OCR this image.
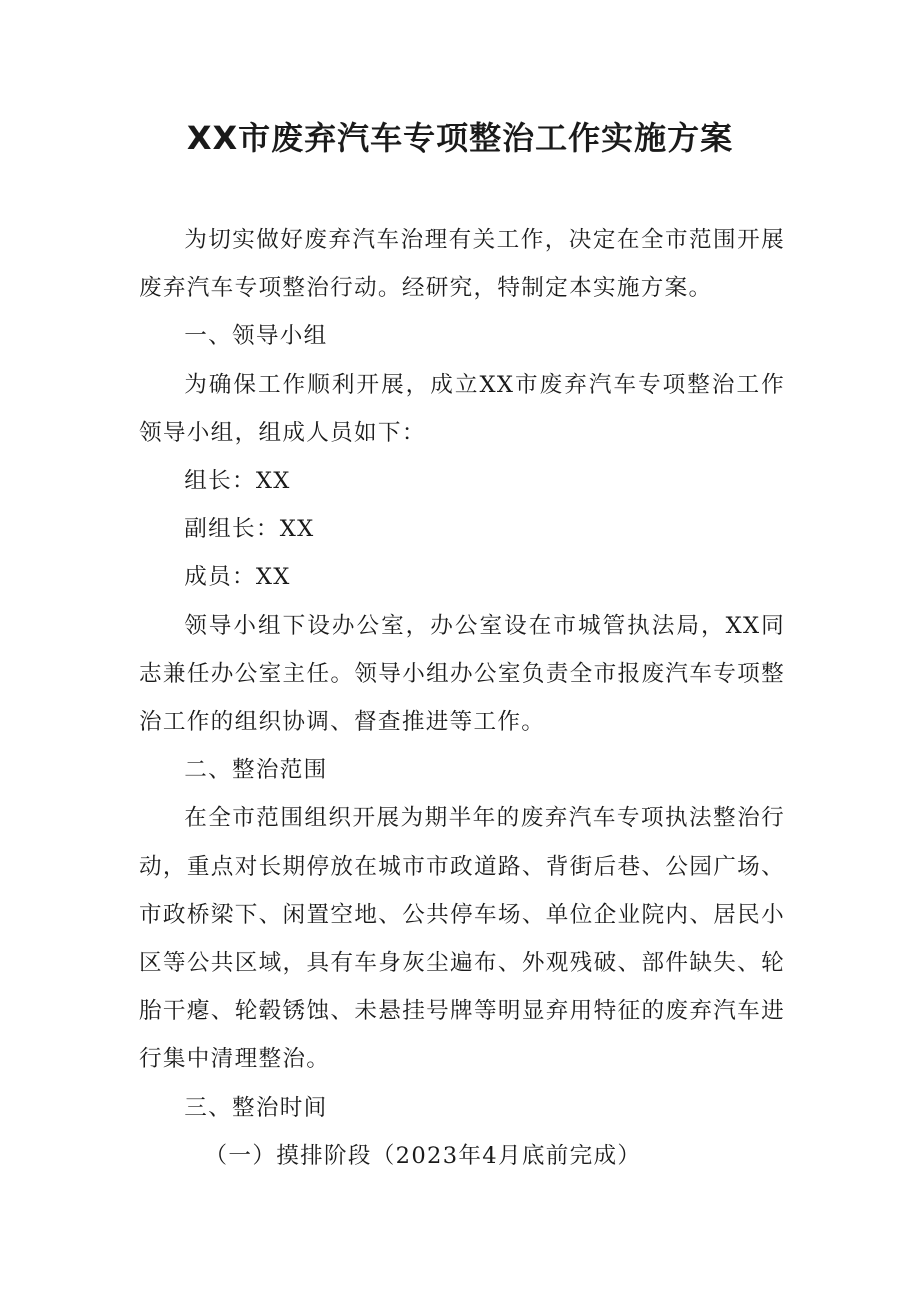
XX市废弃汽车专项整治工作实施方案

为切实做好废弃汽车治理有关工作，决定在全市范围开展废弃汽车专项整治行动。经研究，特制定本实施方案。

一、领导小组

为确保工作顺利开展，成立XX市废弃汽车专项整治工作领导小组，组成人员如下：

组长：XX

副组长：XX

成员：XX

领导小组下设办公室，办公室设在市城管执法局，XX同志兼任办公室主任。领导小组办公室负责全市报废汽车专项整治工作的组织协调、督查推进等工作。

二、整治范围

在全市范围组织开展为期半年的废弃汽车专项执法整治行动，重点对长期停放在城市市政道路、背街后巷、公园广场、市政桥梁下、闲置空地、公共停车场、单位企业院内、居民小区等公共区域，具有车身灰尘遍布、外观残破、部件缺失、轮胎干瘪、轮毂锈蚀、未悬挂号牌等明显弃用特征的废弃汽车进行集中清理整治。

三、整治时间

（一）摸排阶段（2023年4月底前完成）
